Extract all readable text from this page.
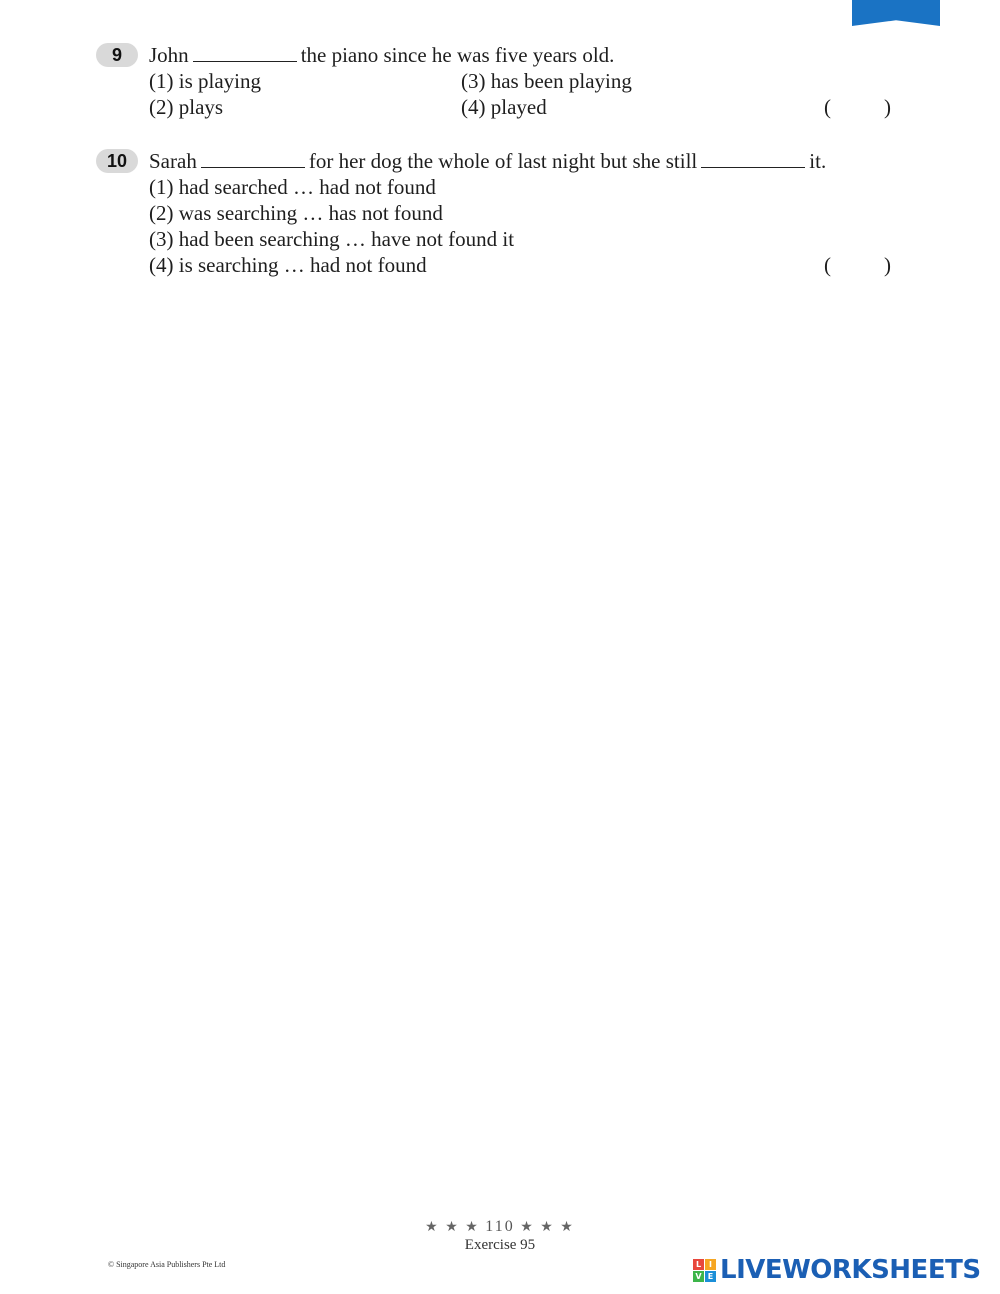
9	John	the piano since he was five years old.
(1) is playing	(3) has been playing
(2) plays	(4) played	(	)
10	Sarah	for her dog the whole of last night but she still	it.
(1) had searched … had not found
(2) was searching … has not found
(3) had been searching … have not found it
(4) is searching … had not found	(	)
★ ★ ★ 110 ★ ★ ★
Exercise 95
© Singapore Asia Publishers Pte Ltd	L I
V E LIVEWORKSHEETS
